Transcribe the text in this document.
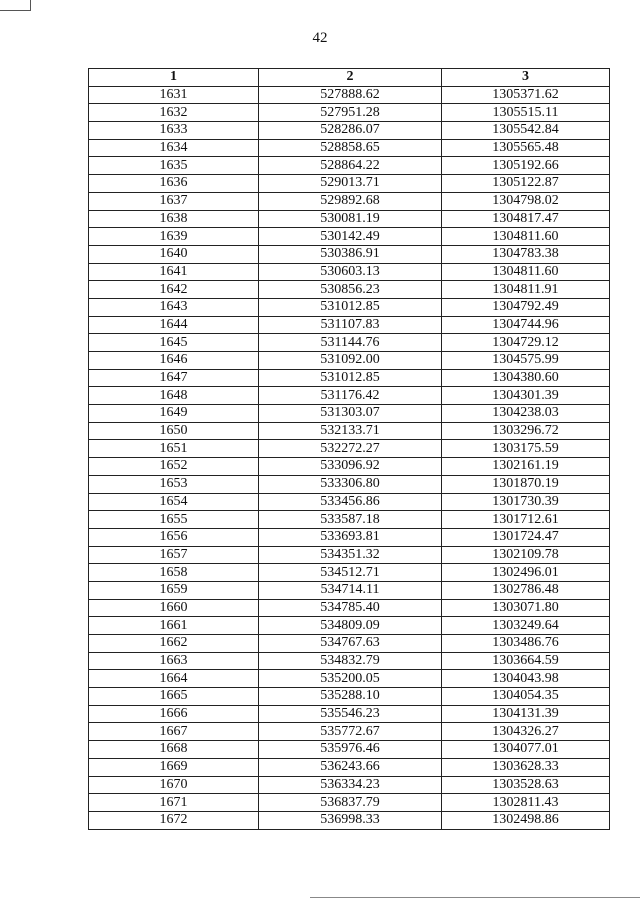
42
1	2	3
1631	527888.62	1305371.62
1632	527951.28	1305515.11
1633	528286.07	1305542.84
1634	528858.65	1305565.48
1635	528864.22	1305192.66
1636	529013.71	1305122.87
1637	529892.68	1304798.02
1638	530081.19	1304817.47
1639	530142.49	1304811.60
1640	530386.91	1304783.38
1641	530603.13	1304811.60
1642	530856.23	1304811.91
1643	531012.85	1304792.49
1644	531107.83	1304744.96
1645	531144.76	1304729.12
1646	531092.00	1304575.99
1647	531012.85	1304380.60
1648	531176.42	1304301.39
1649	531303.07	1304238.03
1650	532133.71	1303296.72
1651	532272.27	1303175.59
1652	533096.92	1302161.19
1653	533306.80	1301870.19
1654	533456.86	1301730.39
1655	533587.18	1301712.61
1656	533693.81	1301724.47
1657	534351.32	1302109.78
1658	534512.71	1302496.01
1659	534714.11	1302786.48
1660	534785.40	1303071.80
1661	534809.09	1303249.64
1662	534767.63	1303486.76
1663	534832.79	1303664.59
1664	535200.05	1304043.98
1665	535288.10	1304054.35
1666	535546.23	1304131.39
1667	535772.67	1304326.27
1668	535976.46	1304077.01
1669	536243.66	1303628.33
1670	536334.23	1303528.63
1671	536837.79	1302811.43
1672	536998.33	1302498.86
